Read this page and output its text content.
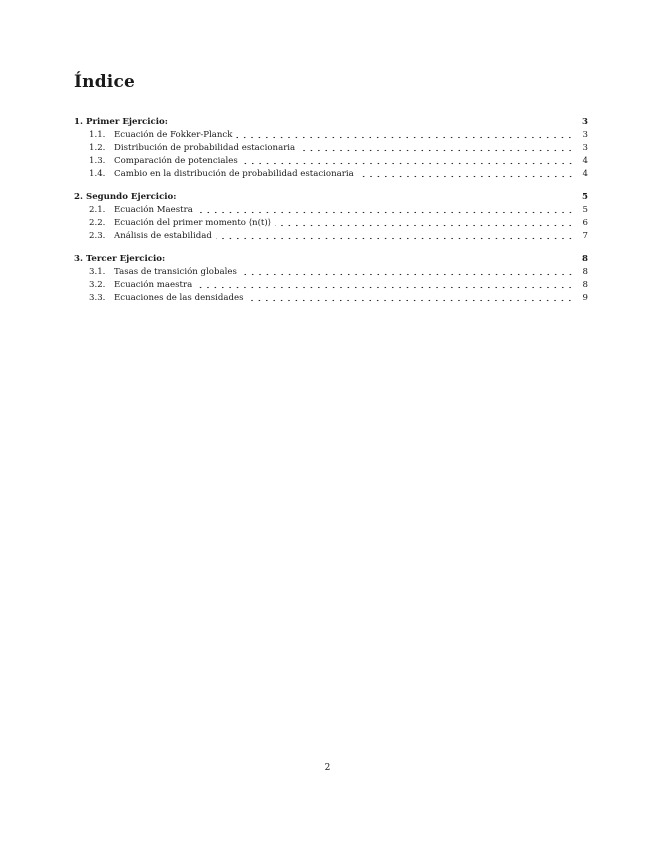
Índice
1. Primer Ejercicio:	3
1.1. Ecuación de Fokker-Planck	3
1.2. Distribución de probabilidad estacionaria	3
1.3. Comparación de potenciales	4
1.4. Cambio en la distribución de probabilidad estacionaria	4
2. Segundo Ejercicio:	5
2.1. Ecuación Maestra	5
2.2. Ecuación del primer momento ⟨n(t)⟩	6
2.3. Análisis de estabilidad	7
3. Tercer Ejercicio:	8
3.1. Tasas de transición globales	8
3.2. Ecuación maestra	8
3.3. Ecuaciones de las densidades	9
2
